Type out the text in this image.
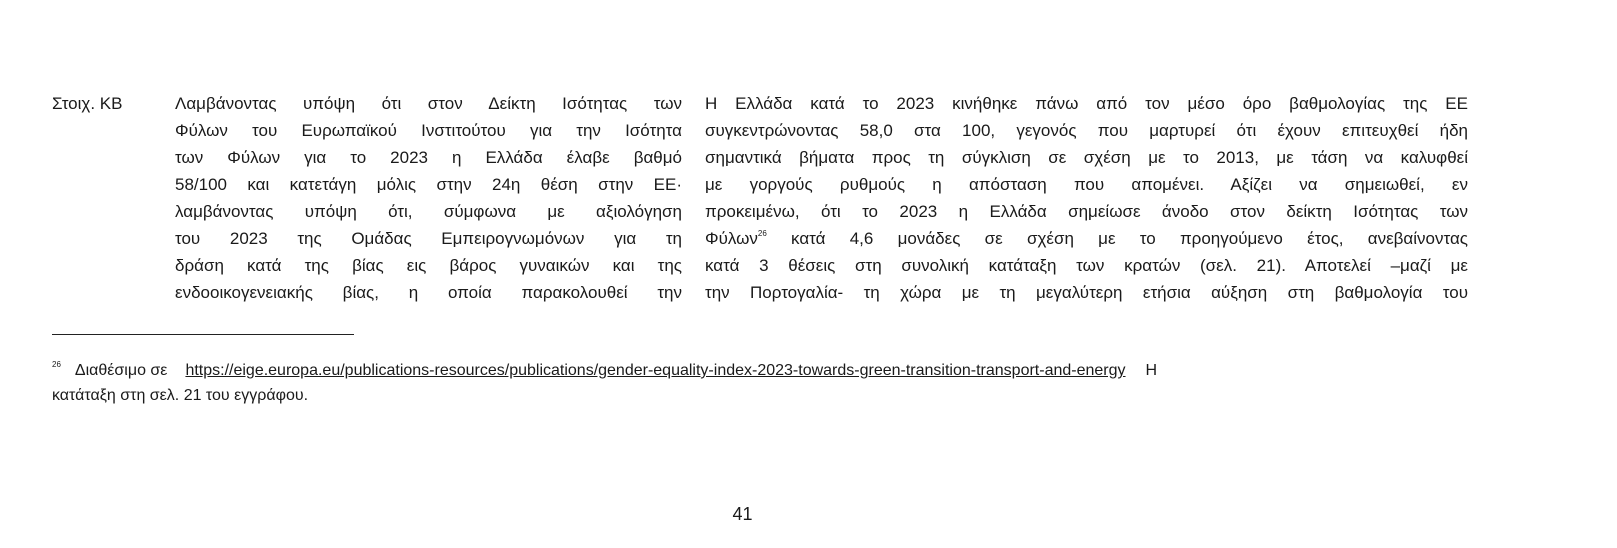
Στοιχ. ΚΒ	Λαμβάνοντας υπόψη ότι στον Δείκτη Ισότητας των
Φύλων του Ευρωπαϊκού Ινστιτούτου για την Ισότητα
των Φύλων για το 2023 η Ελλάδα έλαβε βαθμό
58/100 και κατετάγη μόλις στην 24η θέση στην ΕΕ·
λαμβάνοντας υπόψη ότι, σύμφωνα με αξιολόγηση
του 2023 της Ομάδας Εμπειρογνωμόνων για τη
δράση κατά της βίας εις βάρος γυναικών και της
ενδοοικογενειακής βίας, η οποία παρακολουθεί την
Η Ελλάδα κατά το 2023 κινήθηκε πάνω από τον μέσο όρο βαθμολογίας της ΕΕ
συγκεντρώνοντας 58,0 στα 100, γεγονός που μαρτυρεί ότι έχουν επιτευχθεί ήδη
σημαντικά βήματα προς τη σύγκλιση σε σχέση με το 2013, με τάση να καλυφθεί
με γοργούς ρυθμούς η απόσταση που απομένει. Αξίζει να σημειωθεί, εν
προκειμένω, ότι το 2023 η Ελλάδα σημείωσε άνοδο στον δείκτη Ισότητας των
Φύλων$^{26}$ κατά 4,6 μονάδες σε σχέση με το προηγούμενο έτος, ανεβαίνοντας
κατά 3 θέσεις στη συνολική κατάταξη των κρατών (σελ. 21). Αποτελεί –μαζί με
την Πορτογαλία- τη χώρα με τη μεγαλύτερη ετήσια αύξηση στη βαθμολογία του
$^{26}$ Διαθέσιμο σε https://eige.europa.eu/publications-resources/publications/gender-equality-index-2023-towards-green-transition-transport-and-energy Η
κατάταξη στη σελ. 21 του εγγράφου.
41
